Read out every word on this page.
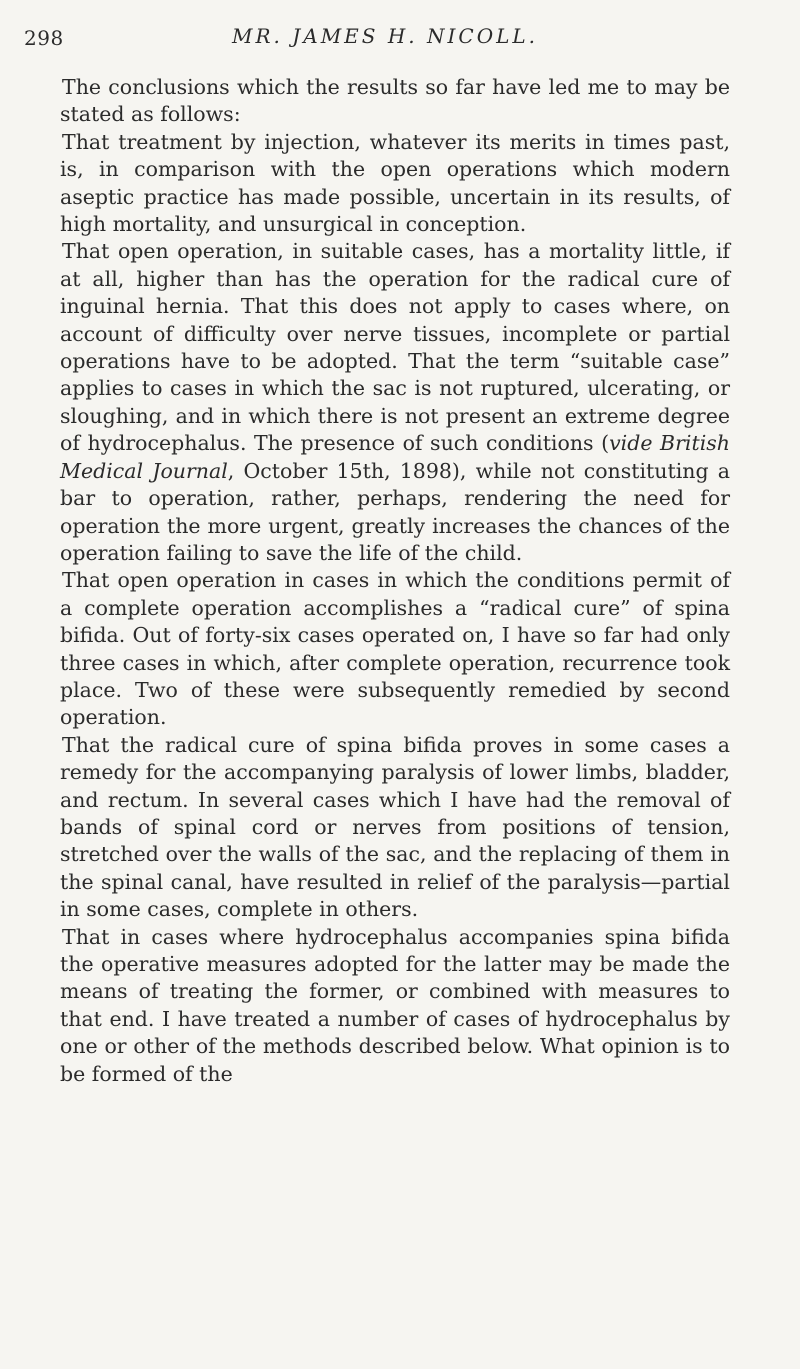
298	MR. JAMES H. NICOLL.

The conclusions which the results so far have led me to may be stated as follows:

That treatment by injection, whatever its merits in times past, is, in comparison with the open operations which modern aseptic practice has made possible, uncertain in its results, of high mortality, and unsurgical in conception.

That open operation, in suitable cases, has a mortality little, if at all, higher than has the operation for the radical cure of inguinal hernia. That this does not apply to cases where, on account of difficulty over nerve tissues, incomplete or partial operations have to be adopted. That the term “suitable case” applies to cases in which the sac is not ruptured, ulcerating, or sloughing, and in which there is not present an extreme degree of hydrocephalus. The presence of such conditions (vide British Medical Journal, October 15th, 1898), while not constituting a bar to operation, rather, perhaps, rendering the need for operation the more urgent, greatly increases the chances of the operation failing to save the life of the child.

That open operation in cases in which the conditions permit of a complete operation accomplishes a “radical cure” of spina bifida. Out of forty-six cases operated on, I have so far had only three cases in which, after complete operation, recurrence took place. Two of these were subsequently remedied by second operation.

That the radical cure of spina bifida proves in some cases a remedy for the accompanying paralysis of lower limbs, bladder, and rectum. In several cases which I have had the removal of bands of spinal cord or nerves from positions of tension, stretched over the walls of the sac, and the replacing of them in the spinal canal, have resulted in relief of the paralysis—partial in some cases, complete in others.

That in cases where hydrocephalus accompanies spina bifida the operative measures adopted for the latter may be made the means of treating the former, or combined with measures to that end. I have treated a number of cases of hydrocephalus by one or other of the methods described below. What opinion is to be formed of the
